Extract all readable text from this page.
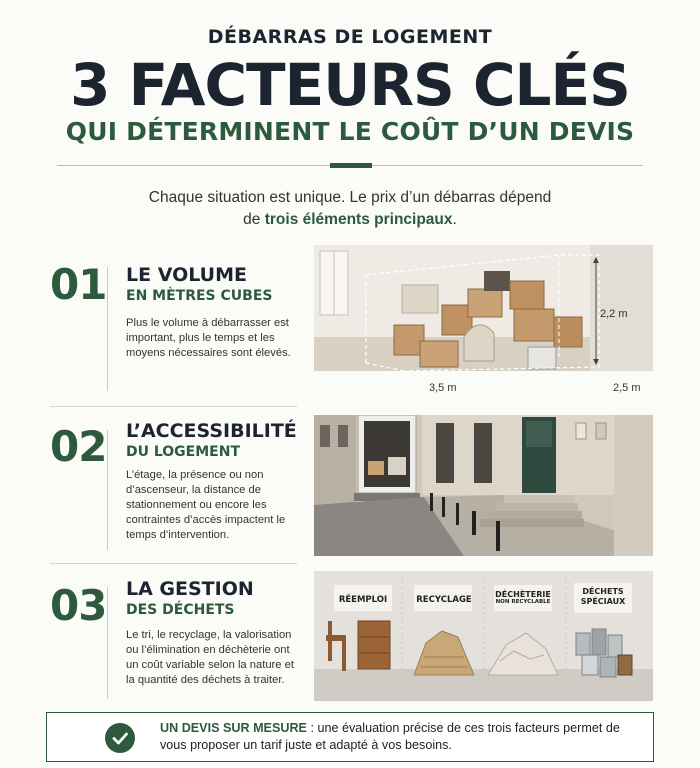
DÉBARRAS DE LOGEMENT
3 FACTEURS CLÉS
QUI DÉTERMINENT LE COÛT D’UN DEVIS
Chaque situation est unique. Le prix d’un débarras dépend
de trois éléments principaux.
01 LE VOLUME
EN MÈTRES CUBES
Plus le volume à débarrasser est important, plus le temps et les moyens nécessaires sont élevés.
2,2 m
3,5 m	2,5 m
02 L’ACCESSIBILITÉ
DU LOGEMENT
L’étage, la présence ou non d’ascenseur, la distance de stationnement ou encore les contraintes d’accès impactent le temps d’intervention.
03 LA GESTION
DES DÉCHETS
Le tri, le recyclage, la valorisation ou l’élimination en déchèterie ont un coût variable selon la nature et la quantité des déchets à traiter.
RÉEMPLOI	RECYCLAGE
DÉCHÈTERIE
NON RECYCLABLE
DÉCHETS
SPÉCIAUX
UN DEVIS SUR MESURE : une évaluation précise de ces trois facteurs permet de vous proposer un tarif juste et adapté à vos besoins.
